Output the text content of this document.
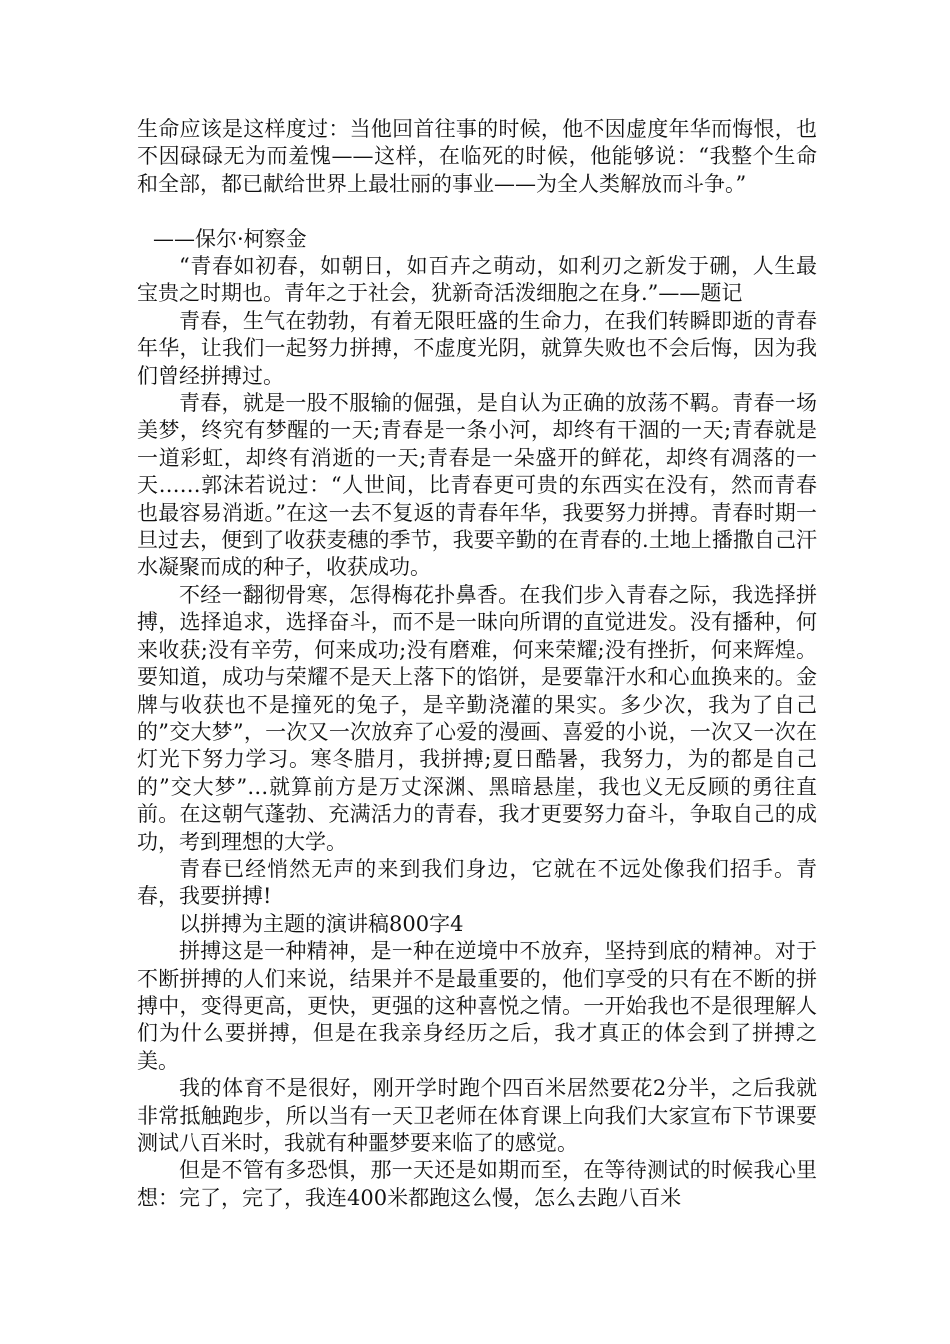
生命应该是这样度过：当他回首往事的时候，他不因虚度年华而悔恨，也不因碌碌无为而羞愧——这样，在临死的时候，他能够说：“我整个生命和全部，都已献给世界上最壮丽的事业——为全人类解放而斗争。”

——保尔·柯察金

“青春如初春，如朝日，如百卉之萌动，如利刃之新发于硎，人生最宝贵之时期也。青年之于社会，犹新奇活泼细胞之在身.”——题记

青春，生气在勃勃，有着无限旺盛的生命力，在我们转瞬即逝的青春年华，让我们一起努力拼搏，不虚度光阴，就算失败也不会后悔，因为我们曾经拼搏过。

青春，就是一股不服输的倔强，是自认为正确的放荡不羁。青春一场美梦，终究有梦醒的一天;青春是一条小河，却终有干涸的一天;青春就是一道彩虹，却终有消逝的一天;青春是一朵盛开的鲜花，却终有凋落的一天……郭沫若说过：“人世间，比青春更可贵的东西实在没有，然而青春也最容易消逝。”在这一去不复返的青春年华，我要努力拼搏。青春时期一旦过去，便到了收获麦穗的季节，我要辛勤的在青春的.土地上播撒自己汗水凝聚而成的种子，收获成功。

不经一翻彻骨寒，怎得梅花扑鼻香。在我们步入青春之际，我选择拼搏，选择追求，选择奋斗，而不是一昧向所谓的直觉进发。没有播种，何来收获;没有辛劳，何来成功;没有磨难，何来荣耀;没有挫折，何来辉煌。要知道，成功与荣耀不是天上落下的馅饼，是要靠汗水和心血换来的。金牌与收获也不是撞死的兔子，是辛勤浇灌的果实。多少次，我为了自己的”交大梦”，一次又一次放弃了心爱的漫画、喜爱的小说，一次又一次在灯光下努力学习。寒冬腊月，我拼搏;夏日酷暑，我努力，为的都是自己的”交大梦”…就算前方是万丈深渊、黑暗悬崖，我也义无反顾的勇往直前。在这朝气蓬勃、充满活力的青春，我才更要努力奋斗，争取自己的成功，考到理想的大学。

青春已经悄然无声的来到我们身边，它就在不远处像我们招手。青春，我要拼搏!

以拼搏为主题的演讲稿800字4

拼搏这是一种精神，是一种在逆境中不放弃，坚持到底的精神。对于不断拼搏的人们来说，结果并不是最重要的，他们享受的只有在不断的拼搏中，变得更高，更快，更强的这种喜悦之情。一开始我也不是很理解人们为什么要拼搏，但是在我亲身经历之后，我才真正的体会到了拼搏之美。

我的体育不是很好，刚开学时跑个四百米居然要花2分半，之后我就非常抵触跑步，所以当有一天卫老师在体育课上向我们大家宣布下节课要测试八百米时，我就有种噩梦要来临了的感觉。

但是不管有多恐惧，那一天还是如期而至，在等待测试的时候我心里想：完了，完了，我连400米都跑这么慢，怎么去跑八百米
